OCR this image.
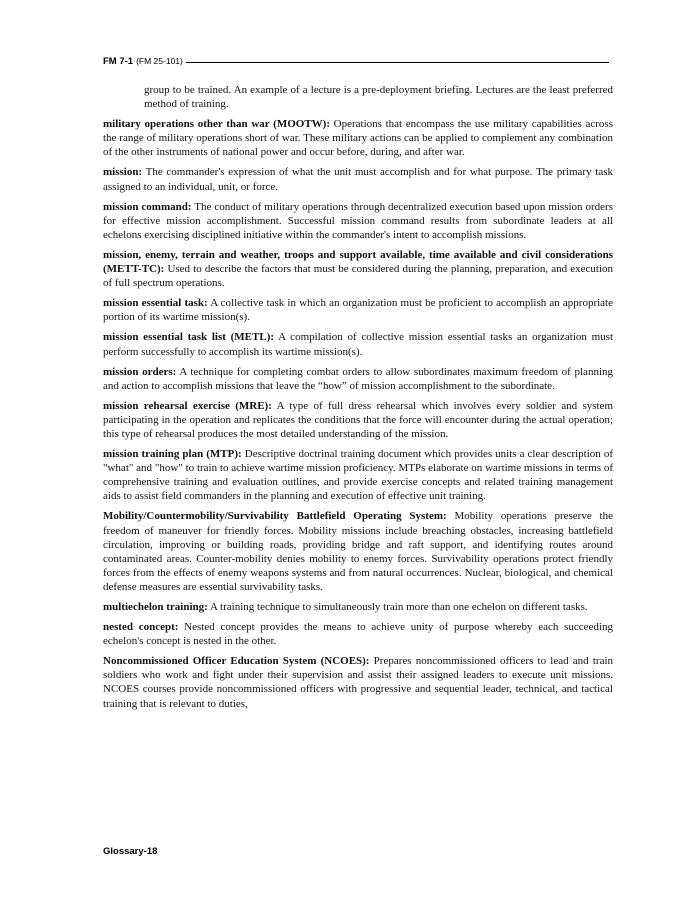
FM 7-1 (FM 25-101)

group to be trained. An example of a lecture is a pre-deployment briefing. Lectures are the least preferred method of training.

military operations other than war (MOOTW): Operations that encompass the use military capabilities across the range of military operations short of war. These military actions can be applied to complement any combination of the other instruments of national power and occur before, during, and after war.

mission: The commander's expression of what the unit must accomplish and for what purpose. The primary task assigned to an individual, unit, or force.

mission command: The conduct of military operations through decentralized execution based upon mission orders for effective mission accomplishment. Successful mission command results from subordinate leaders at all echelons exercising disciplined initiative within the commander's intent to accomplish missions.

mission, enemy, terrain and weather, troops and support available, time available and civil considerations (METT-TC): Used to describe the factors that must be considered during the planning, preparation, and execution of full spectrum operations.

mission essential task: A collective task in which an organization must be proficient to accomplish an appropriate portion of its wartime mission(s).

mission essential task list (METL): A compilation of collective mission essential tasks an organization must perform successfully to accomplish its wartime mission(s).

mission orders: A technique for completing combat orders to allow subordinates maximum freedom of planning and action to accomplish missions that leave the “how” of mission accomplishment to the subordinate.

mission rehearsal exercise (MRE): A type of full dress rehearsal which involves every soldier and system participating in the operation and replicates the conditions that the force will encounter during the actual operation; this type of rehearsal produces the most detailed understanding of the mission.

mission training plan (MTP): Descriptive doctrinal training document which provides units a clear description of "what" and "how" to train to achieve wartime mission proficiency. MTPs elaborate on wartime missions in terms of comprehensive training and evaluation outlines, and provide exercise concepts and related training management aids to assist field commanders in the planning and execution of effective unit training.

Mobility/Countermobility/Survivability Battlefield Operating System: Mobility operations preserve the freedom of maneuver for friendly forces. Mobility missions include breaching obstacles, increasing battlefield circulation, improving or building roads, providing bridge and raft support, and identifying routes around contaminated areas. Counter-mobility denies mobility to enemy forces. Survivability operations protect friendly forces from the effects of enemy weapons systems and from natural occurrences. Nuclear, biological, and chemical defense measures are essential survivability tasks.

multiechelon training: A training technique to simultaneously train more than one echelon on different tasks.

nested concept: Nested concept provides the means to achieve unity of purpose whereby each succeeding echelon's concept is nested in the other.

Noncommissioned Officer Education System (NCOES): Prepares noncommissioned officers to lead and train soldiers who work and fight under their supervision and assist their assigned leaders to execute unit missions. NCOES courses provide noncommissioned officers with progressive and sequential leader, technical, and tactical training that is relevant to duties,

Glossary-18
